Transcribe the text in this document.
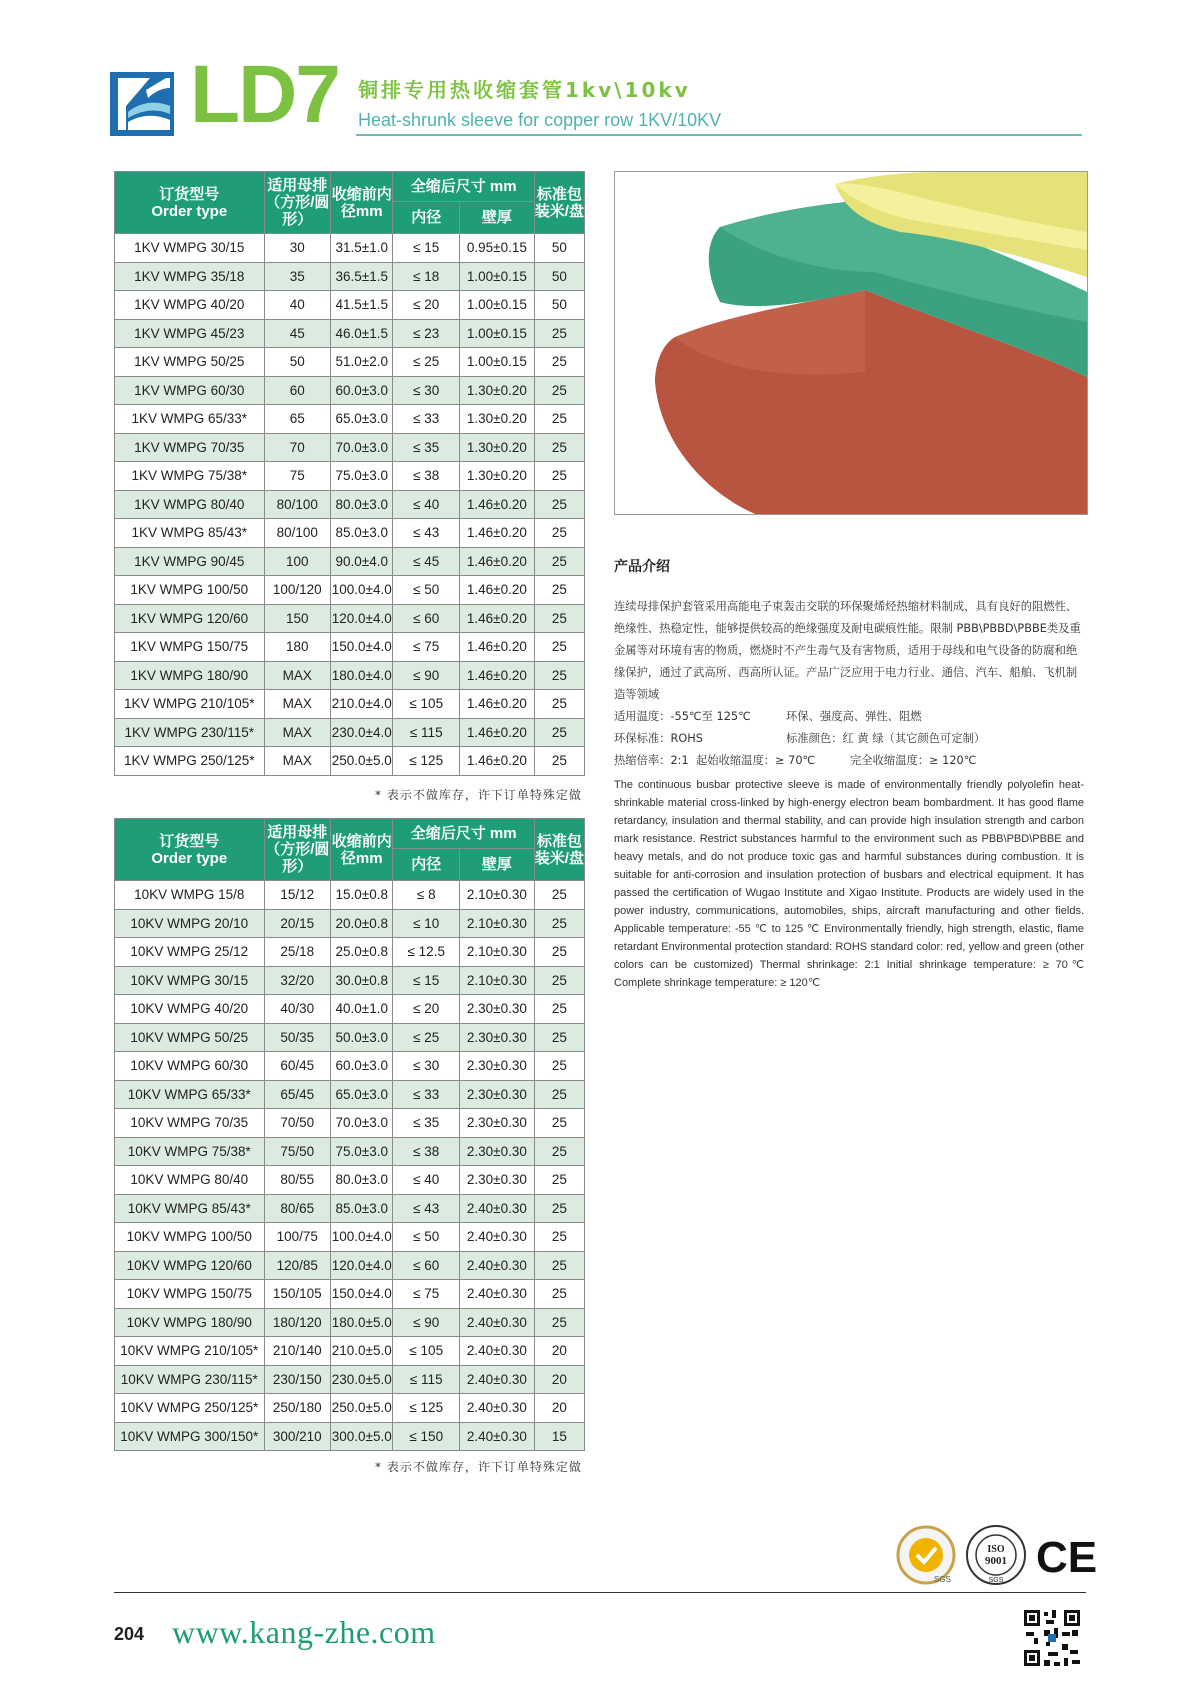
LD7 铜排专用热收缩套管1kv\10kv
Heat-shrunk sleeve for copper row 1KV/10KV
订货型号
Order type	适用母排（方形/圆形）	收缩前内径mm	全缩后尺寸 mm		标准包装米/盘
			内径	壁厚	
1KV WMPG 30/15	30	31.5±1.0	≤ 15	0.95±0.15	50
1KV WMPG 35/18	35	36.5±1.5	≤ 18	1.00±0.15	50
1KV WMPG 40/20	40	41.5±1.5	≤ 20	1.00±0.15	50
1KV WMPG 45/23	45	46.0±1.5	≤ 23	1.00±0.15	25
1KV WMPG 50/25	50	51.0±2.0	≤ 25	1.00±0.15	25
1KV WMPG 60/30	60	60.0±3.0	≤ 30	1.30±0.20	25
1KV WMPG 65/33*	65	65.0±3.0	≤ 33	1.30±0.20	25
1KV WMPG 70/35	70	70.0±3.0	≤ 35	1.30±0.20	25
1KV WMPG 75/38*	75	75.0±3.0	≤ 38	1.30±0.20	25
1KV WMPG 80/40	80/100	80.0±3.0	≤ 40	1.46±0.20	25
1KV WMPG 85/43*	80/100	85.0±3.0	≤ 43	1.46±0.20	25
1KV WMPG 90/45	100	90.0±4.0	≤ 45	1.46±0.20	25
1KV WMPG 100/50	100/120	100.0±4.0	≤ 50	1.46±0.20	25
1KV WMPG 120/60	150	120.0±4.0	≤ 60	1.46±0.20	25
1KV WMPG 150/75	180	150.0±4.0	≤ 75	1.46±0.20	25
1KV WMPG 180/90	MAX	180.0±4.0	≤ 90	1.46±0.20	25
1KV WMPG 210/105*	MAX	210.0±4.0	≤ 105	1.46±0.20	25
1KV WMPG 230/115*	MAX	230.0±4.0	≤ 115	1.46±0.20	25
1KV WMPG 250/125*	MAX	250.0±5.0	≤ 125	1.46±0.20	25
* 表示不做库存，许下订单特殊定做
订货型号
Order type	适用母排（方形/圆形）	收缩前内径mm	全缩后尺寸 mm		标准包装米/盘
			内径	壁厚	
10KV WMPG 15/8	15/12	15.0±0.8	≤ 8	2.10±0.30	25
10KV WMPG 20/10	20/15	20.0±0.8	≤ 10	2.10±0.30	25
10KV WMPG 25/12	25/18	25.0±0.8	≤ 12.5	2.10±0.30	25
10KV WMPG 30/15	32/20	30.0±0.8	≤ 15	2.10±0.30	25
10KV WMPG 40/20	40/30	40.0±1.0	≤ 20	2.30±0.30	25
10KV WMPG 50/25	50/35	50.0±3.0	≤ 25	2.30±0.30	25
10KV WMPG 60/30	60/45	60.0±3.0	≤ 30	2.30±0.30	25
10KV WMPG 65/33*	65/45	65.0±3.0	≤ 33	2.30±0.30	25
10KV WMPG 70/35	70/50	70.0±3.0	≤ 35	2.30±0.30	25
10KV WMPG 75/38*	75/50	75.0±3.0	≤ 38	2.30±0.30	25
10KV WMPG 80/40	80/55	80.0±3.0	≤ 40	2.30±0.30	25
10KV WMPG 85/43*	80/65	85.0±3.0	≤ 43	2.40±0.30	25
10KV WMPG 100/50	100/75	100.0±4.0	≤ 50	2.40±0.30	25
10KV WMPG 120/60	120/85	120.0±4.0	≤ 60	2.40±0.30	25
10KV WMPG 150/75	150/105	150.0±4.0	≤ 75	2.40±0.30	25
10KV WMPG 180/90	180/120	180.0±5.0	≤ 90	2.40±0.30	25
10KV WMPG 210/105*	210/140	210.0±5.0	≤ 105	2.40±0.30	20
10KV WMPG 230/115*	230/150	230.0±5.0	≤ 115	2.40±0.30	20
10KV WMPG 250/125*	250/180	250.0±5.0	≤ 125	2.40±0.30	20
10KV WMPG 300/150*	300/210	300.0±5.0	≤ 150	2.40±0.30	15
* 表示不做库存，许下订单特殊定做
产品介绍

连续母排保护套管采用高能电子束轰击交联的环保聚烯烃热缩材料制成，具有良好的阻燃性、绝缘性、热稳定性，能够提供较高的绝缘强度及耐电碳痕性能。限制 PBB\PBBD\PBBE类及重金属等对环境有害的物质，燃烧时不产生毒气及有害物质，适用于母线和电气设备的防腐和绝缘保护，通过了武高所、西高所认证。产品广泛应用于电力行业、通信、汽车、船舶、飞机制造等领域

适用温度：-55℃至 125℃	环保、强度高、弹性、阻燃
环保标准：ROHS	标准颜色：红 黄 绿（其它颜色可定制）
热缩倍率：2:1 起始收缩温度：≥ 70℃	完全收缩温度：≥ 120℃
The continuous busbar protective sleeve is made of environmentally friendly polyolefin heat-shrinkable material cross-linked by high-energy electron beam bombardment. It has good flame retardancy, insulation and thermal stability, and can provide high insulation strength and carbon mark resistance. Restrict substances harmful to the environment such as PBB\PBD\PBBE and heavy metals, and do not produce toxic gas and harmful substances during combustion. It is suitable for anti-corrosion and insulation protection of busbars and electrical equipment. It has passed the certification of Wugao Institute and Xigao Institute. Products are widely used in the power industry, communications, automobiles, ships, aircraft manufacturing and other fields. Applicable temperature: -55 ℃ to 125 ℃ Environmentally friendly, high strength, elastic, flame retardant Environmental protection standard: ROHS standard color: red, yellow and green (other colors can be customized) Thermal shrinkage: 2:1 Initial shrinkage temperature: ≥ 70℃ Complete shrinkage temperature: ≥ 120℃
SGS
ISO
9001
SGS CE
204 www.kang-zhe.com
